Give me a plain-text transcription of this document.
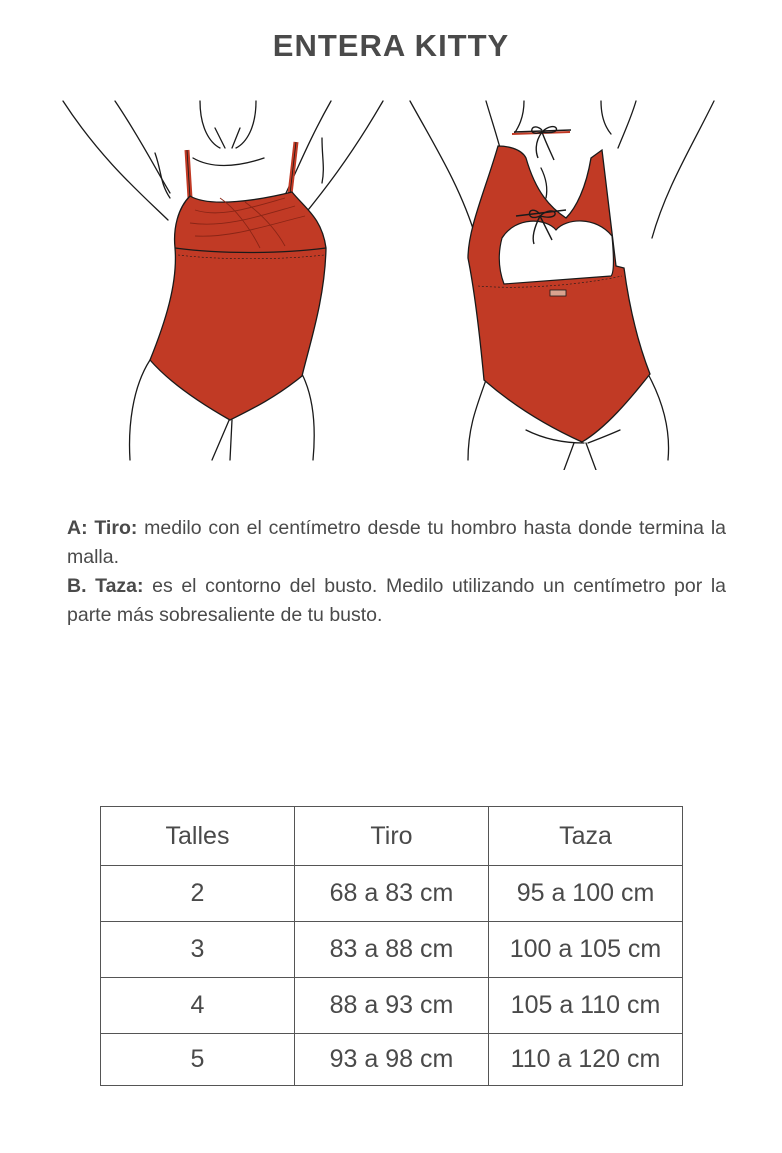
ENTERA KITTY

A: Tiro: medilo con el centímetro desde tu hombro hasta donde termina la malla.

B. Taza: es el contorno del busto. Medilo utilizando un centímetro por la parte más sobresaliente de tu busto.

Talles	Tiro	Taza
2	68 a 83 cm	95 a 100 cm
3	83 a 88 cm	100 a 105 cm
4	88 a 93 cm	105 a 110 cm
5	93 a 98 cm	110 a 120 cm
